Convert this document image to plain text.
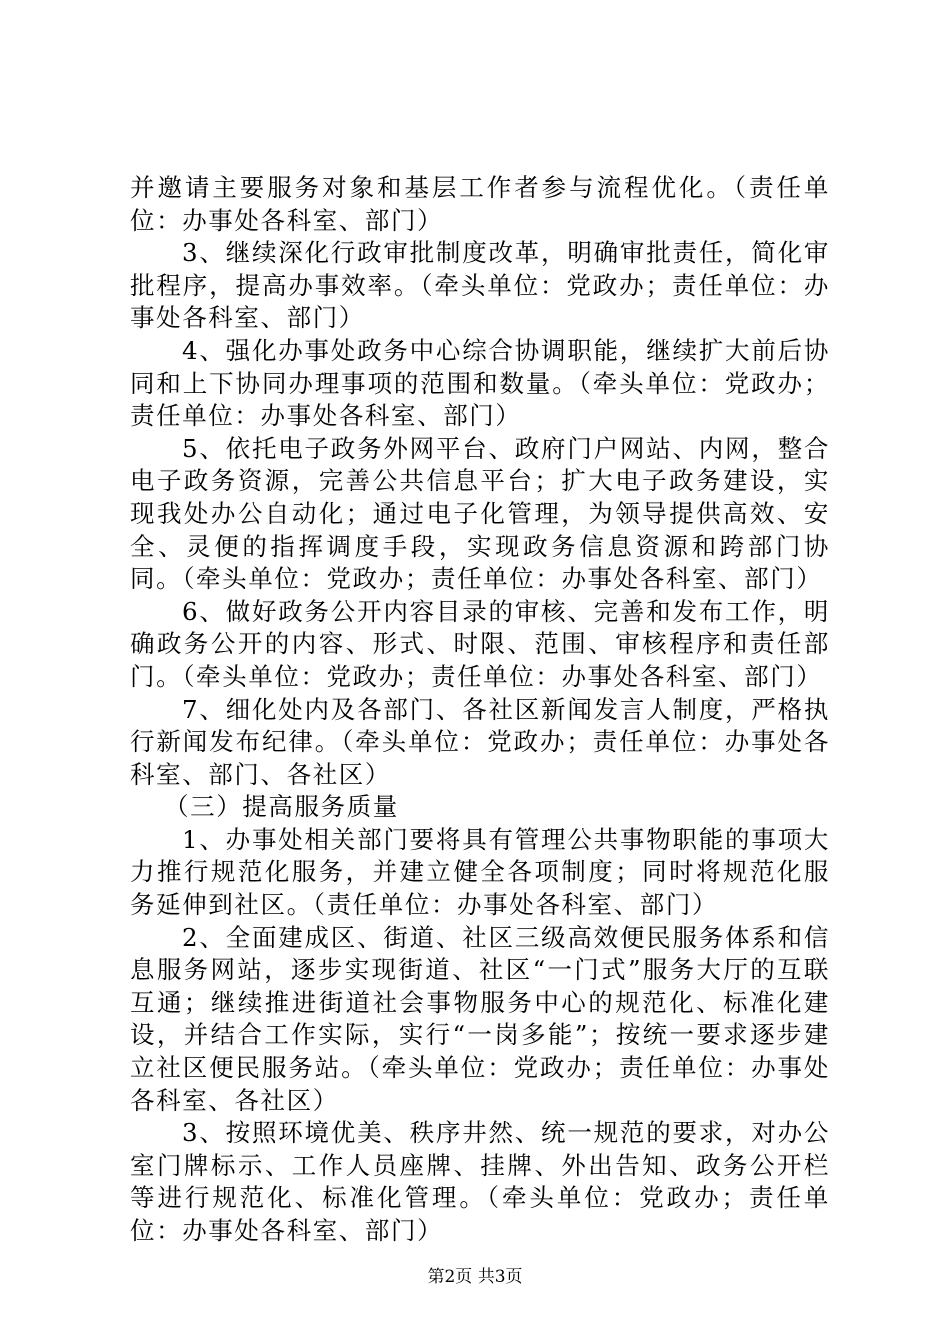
并邀请主要服务对象和基层工作者参与流程优化。（责任单位：办事处各科室、部门）

3、继续深化行政审批制度改革，明确审批责任，简化审批程序，提高办事效率。（牵头单位：党政办；责任单位：办事处各科室、部门）

4、强化办事处政务中心综合协调职能，继续扩大前后协同和上下协同办理事项的范围和数量。（牵头单位：党政办；责任单位：办事处各科室、部门）

5、依托电子政务外网平台、政府门户网站、内网，整合电子政务资源，完善公共信息平台；扩大电子政务建设，实现我处办公自动化；通过电子化管理，为领导提供高效、安全、灵便的指挥调度手段，实现政务信息资源和跨部门协同。（牵头单位：党政办；责任单位：办事处各科室、部门）

6、做好政务公开内容目录的审核、完善和发布工作，明确政务公开的内容、形式、时限、范围、审核程序和责任部门。（牵头单位：党政办；责任单位：办事处各科室、部门）

7、细化处内及各部门、各社区新闻发言人制度，严格执行新闻发布纪律。（牵头单位：党政办；责任单位：办事处各科室、部门、各社区）

（三）提高服务质量

1、办事处相关部门要将具有管理公共事物职能的事项大力推行规范化服务，并建立健全各项制度；同时将规范化服务延伸到社区。（责任单位：办事处各科室、部门）

2、全面建成区、街道、社区三级高效便民服务体系和信息服务网站，逐步实现街道、社区“一门式”服务大厅的互联互通；继续推进街道社会事物服务中心的规范化、标准化建设，并结合工作实际，实行“一岗多能”；按统一要求逐步建立社区便民服务站。（牵头单位：党政办；责任单位：办事处各科室、各社区）

3、按照环境优美、秩序井然、统一规范的要求，对办公室门牌标示、工作人员座牌、挂牌、外出告知、政务公开栏等进行规范化、标准化管理。（牵头单位：党政办；责任单位：办事处各科室、部门）

第2页 共3页
